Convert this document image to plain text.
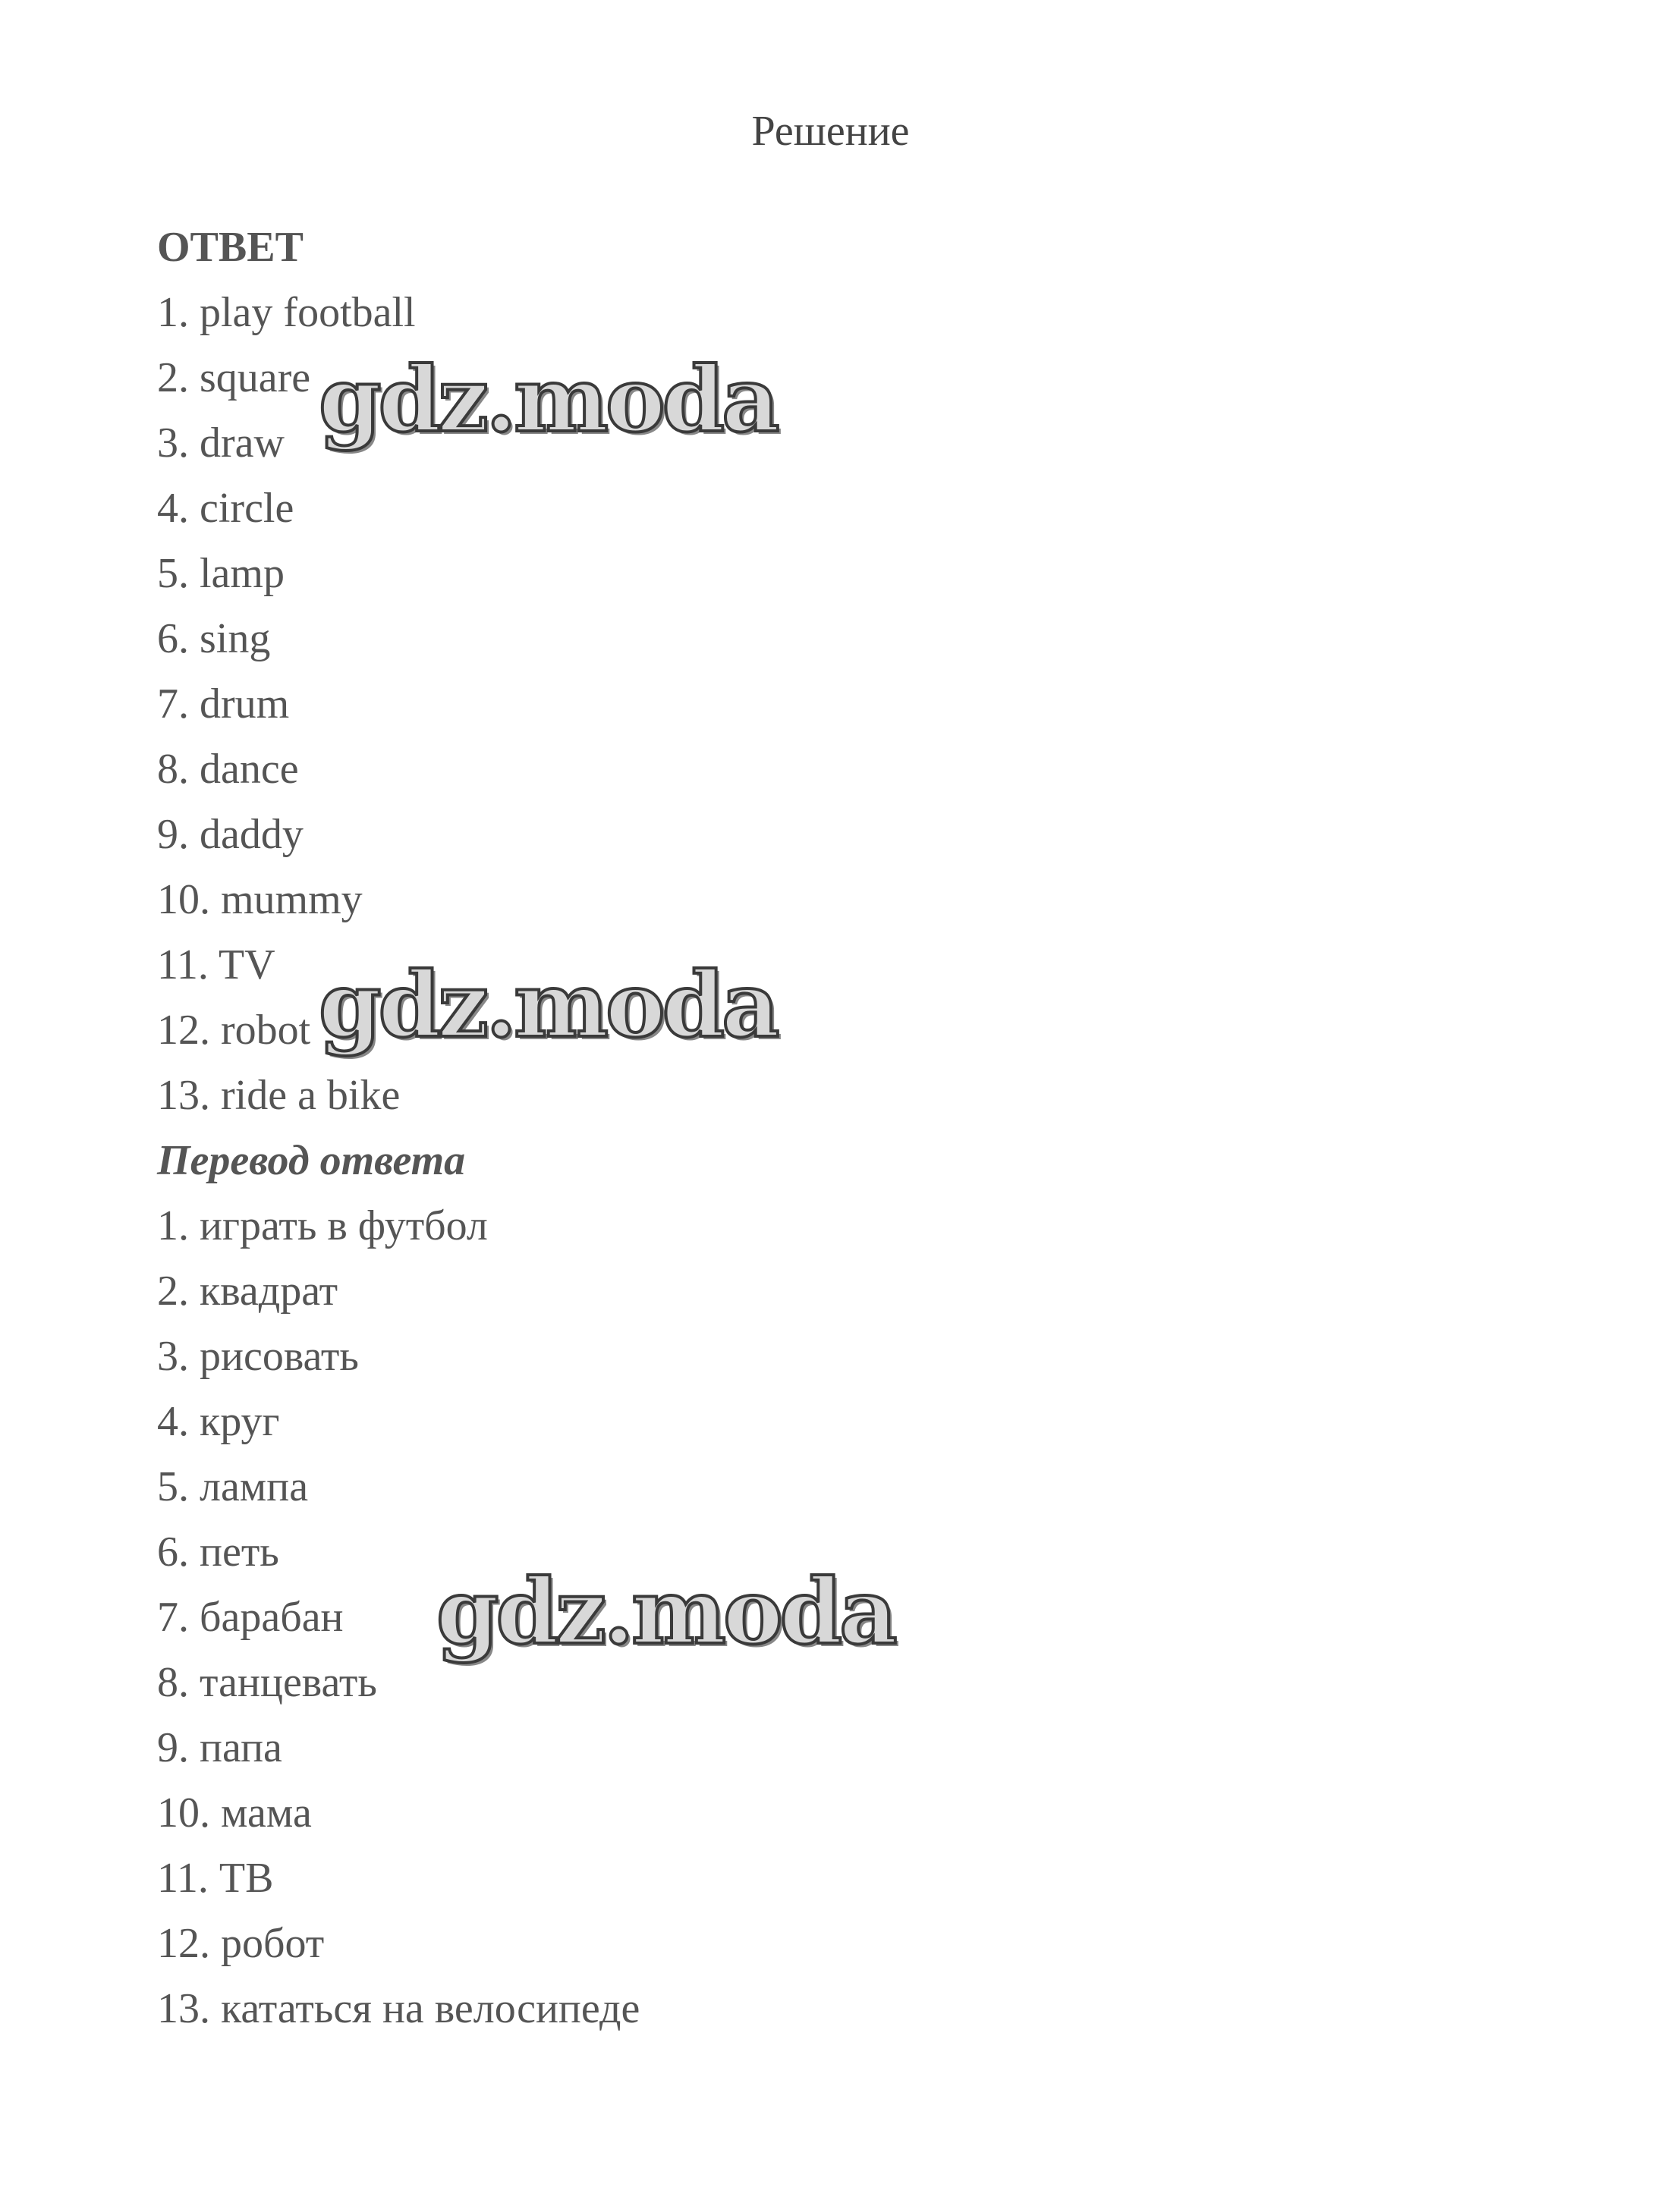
Решение
ОТВЕТ
1. play football
2. square
3. draw
4. circle
5. lamp
6. sing
7. drum
8. dance
9. daddy
10. mummy
11. TV
12. robot
13. ride a bike
Перевод ответа
1. играть в футбол
2. квадрат
3. рисовать
4. круг
5. лампа
6. петь
7. барабан
8. танцевать
9. папа
10. мама
11. ТВ
12. робот
13. кататься на велосипеде
gdz.moda
gdz.moda
gdz.moda
